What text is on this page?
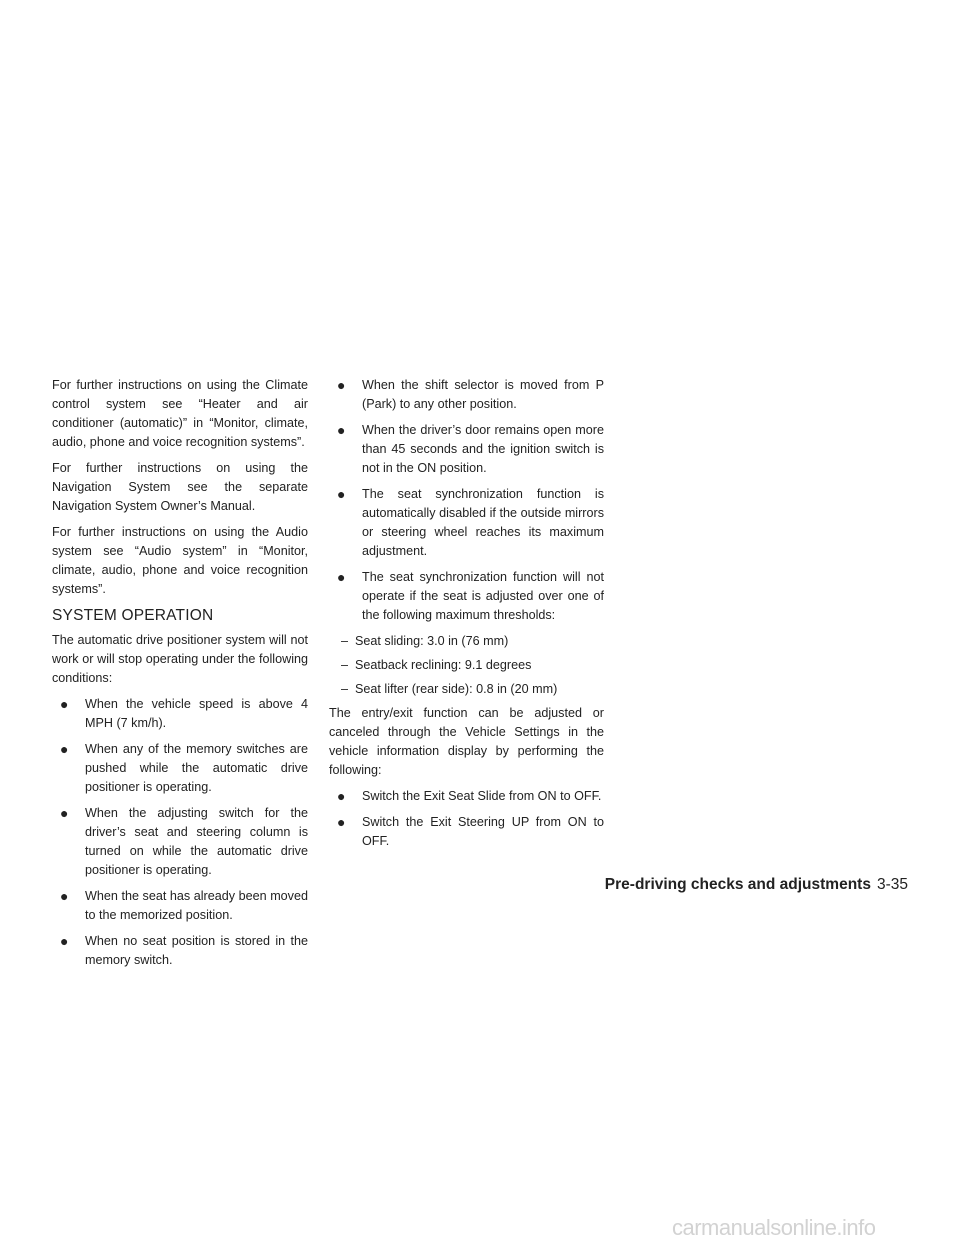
For further instructions on using the Climate control system see “Heater and air conditioner (automatic)” in “Monitor, climate, audio, phone and voice recognition systems”.

For further instructions on using the Navigation System see the separate Navigation System Owner’s Manual.

For further instructions on using the Audio system see “Audio system” in “Monitor, climate, audio, phone and voice recognition systems”.

SYSTEM OPERATION

The automatic drive positioner system will not work or will stop operating under the following conditions:

● When the vehicle speed is above 4 MPH (7 km/h).
● When any of the memory switches are pushed while the automatic drive positioner is operating.
● When the adjusting switch for the driver’s seat and steering column is turned on while the automatic drive positioner is operating.
● When the seat has already been moved to the memorized position.
● When no seat position is stored in the memory switch.
● When the shift selector is moved from P (Park) to any other position.
● When the driver’s door remains open more than 45 seconds and the ignition switch is not in the ON position.
● The seat synchronization function is automatically disabled if the outside mirrors or steering wheel reaches its maximum adjustment.
● The seat synchronization function will not operate if the seat is adjusted over one of the following maximum thresholds:
– Seat sliding: 3.0 in (76 mm)
– Seatback reclining: 9.1 degrees
– Seat lifter (rear side): 0.8 in (20 mm)

The entry/exit function can be adjusted or canceled through the Vehicle Settings in the vehicle information display by performing the following:

● Switch the Exit Seat Slide from ON to OFF.
● Switch the Exit Steering UP from ON to OFF.
Pre-driving checks and adjustments 3-35
carmanualsonline.info
